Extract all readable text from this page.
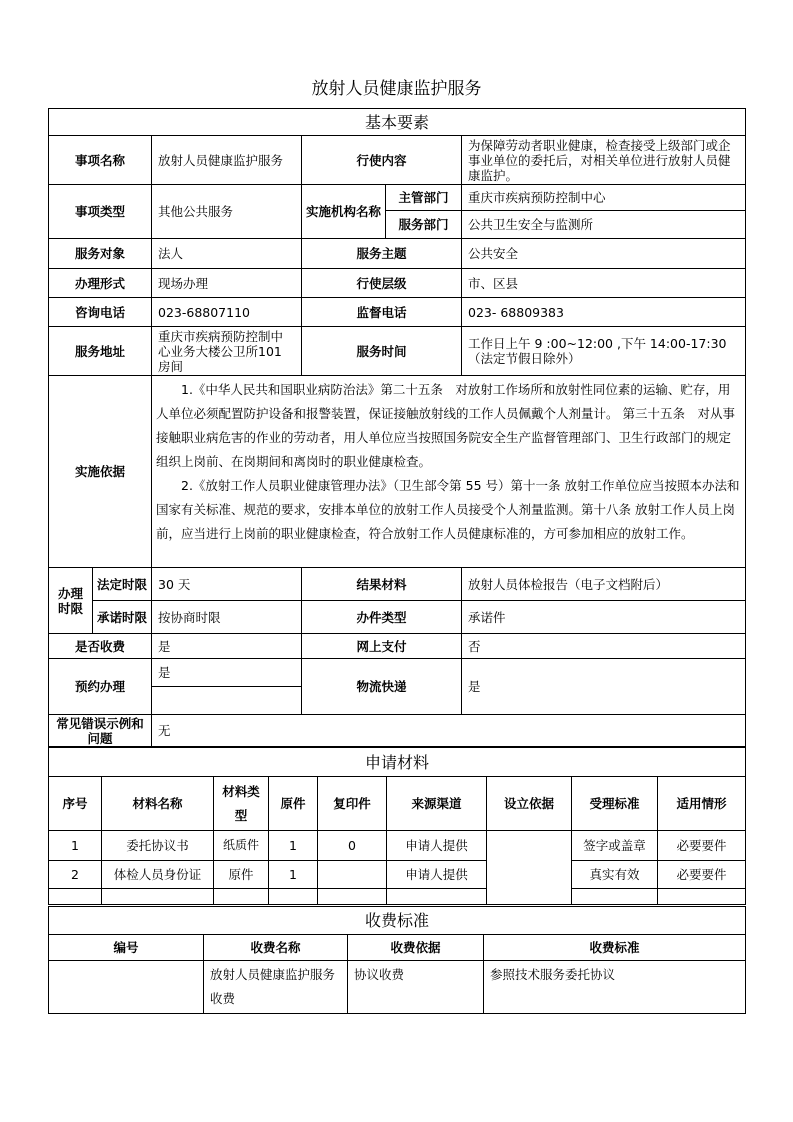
放射人员健康监护服务
基本要素				
事项名称	放射人员健康监护服务	行使内容		为保障劳动者职业健康，检查接受上级部门或企事业单位的委托后，对相关单位进行放射人员健康监护。
事项类型	其他公共服务	实施机构名称	主管部门	重庆市疾病预防控制中心
			服务部门	公共卫生安全与监测所
服务对象	法人	服务主题		公共安全
办理形式	现场办理	行使层级		市、区县
咨询电话	023-68807110	监督电话		023- 68809383
服务地址	重庆市疾病预防控制中心业务大楼公卫所101 房间	服务时间		工作日上午 9 :00~12:00 ,下午 14:00-17:30（法定节假日除外）
实施依据	1.《中华人民共和国职业病防治法》第二十五条　对放射工作场所和放射性同位素的运输、贮存，用人单位必须配置防护设备和报警装置，保证接触放射线的工作人员佩戴个人剂量计。 第三十五条　对从事接触职业病危害的作业的劳动者，用人单位应当按照国务院安全生产监督管理部门、卫生行政部门的规定组织上岗前、在岗期间和离岗时的职业健康检查。

2.《放射工作人员职业健康管理办法》（卫生部令第 55 号）第十一条 放射工作单位应当按照本办法和国家有关标准、规范的要求，安排本单位的放射工作人员接受个人剂量监测。第十八条 放射工作人员上岗前，应当进行上岗前的职业健康检查，符合放射工作人员健康标准的，方可参加相应的放射工作。			

办理时限	法定时限	30 天	结果材料	放射人员体检报告（电子文档附后）
	承诺时限	按协商时限	办件类型	承诺件
是否收费		是	网上支付	否
预约办理		是	物流快递	是

常见错误示例和问题		无		
申请材料								
序号	材料名称	材料类型	原件	复印件	来源渠道	设立依据	受理标准	适用情形
1	委托协议书	纸质件	1	0	申请人提供		签字或盖章	必要要件
2	体检人员身份证	原件	1		申请人提供		真实有效	必要要件

收费标准			
编号	收费名称	收费依据	收费标准
	放射人员健康监护服务收费	协议收费	参照技术服务委托协议
